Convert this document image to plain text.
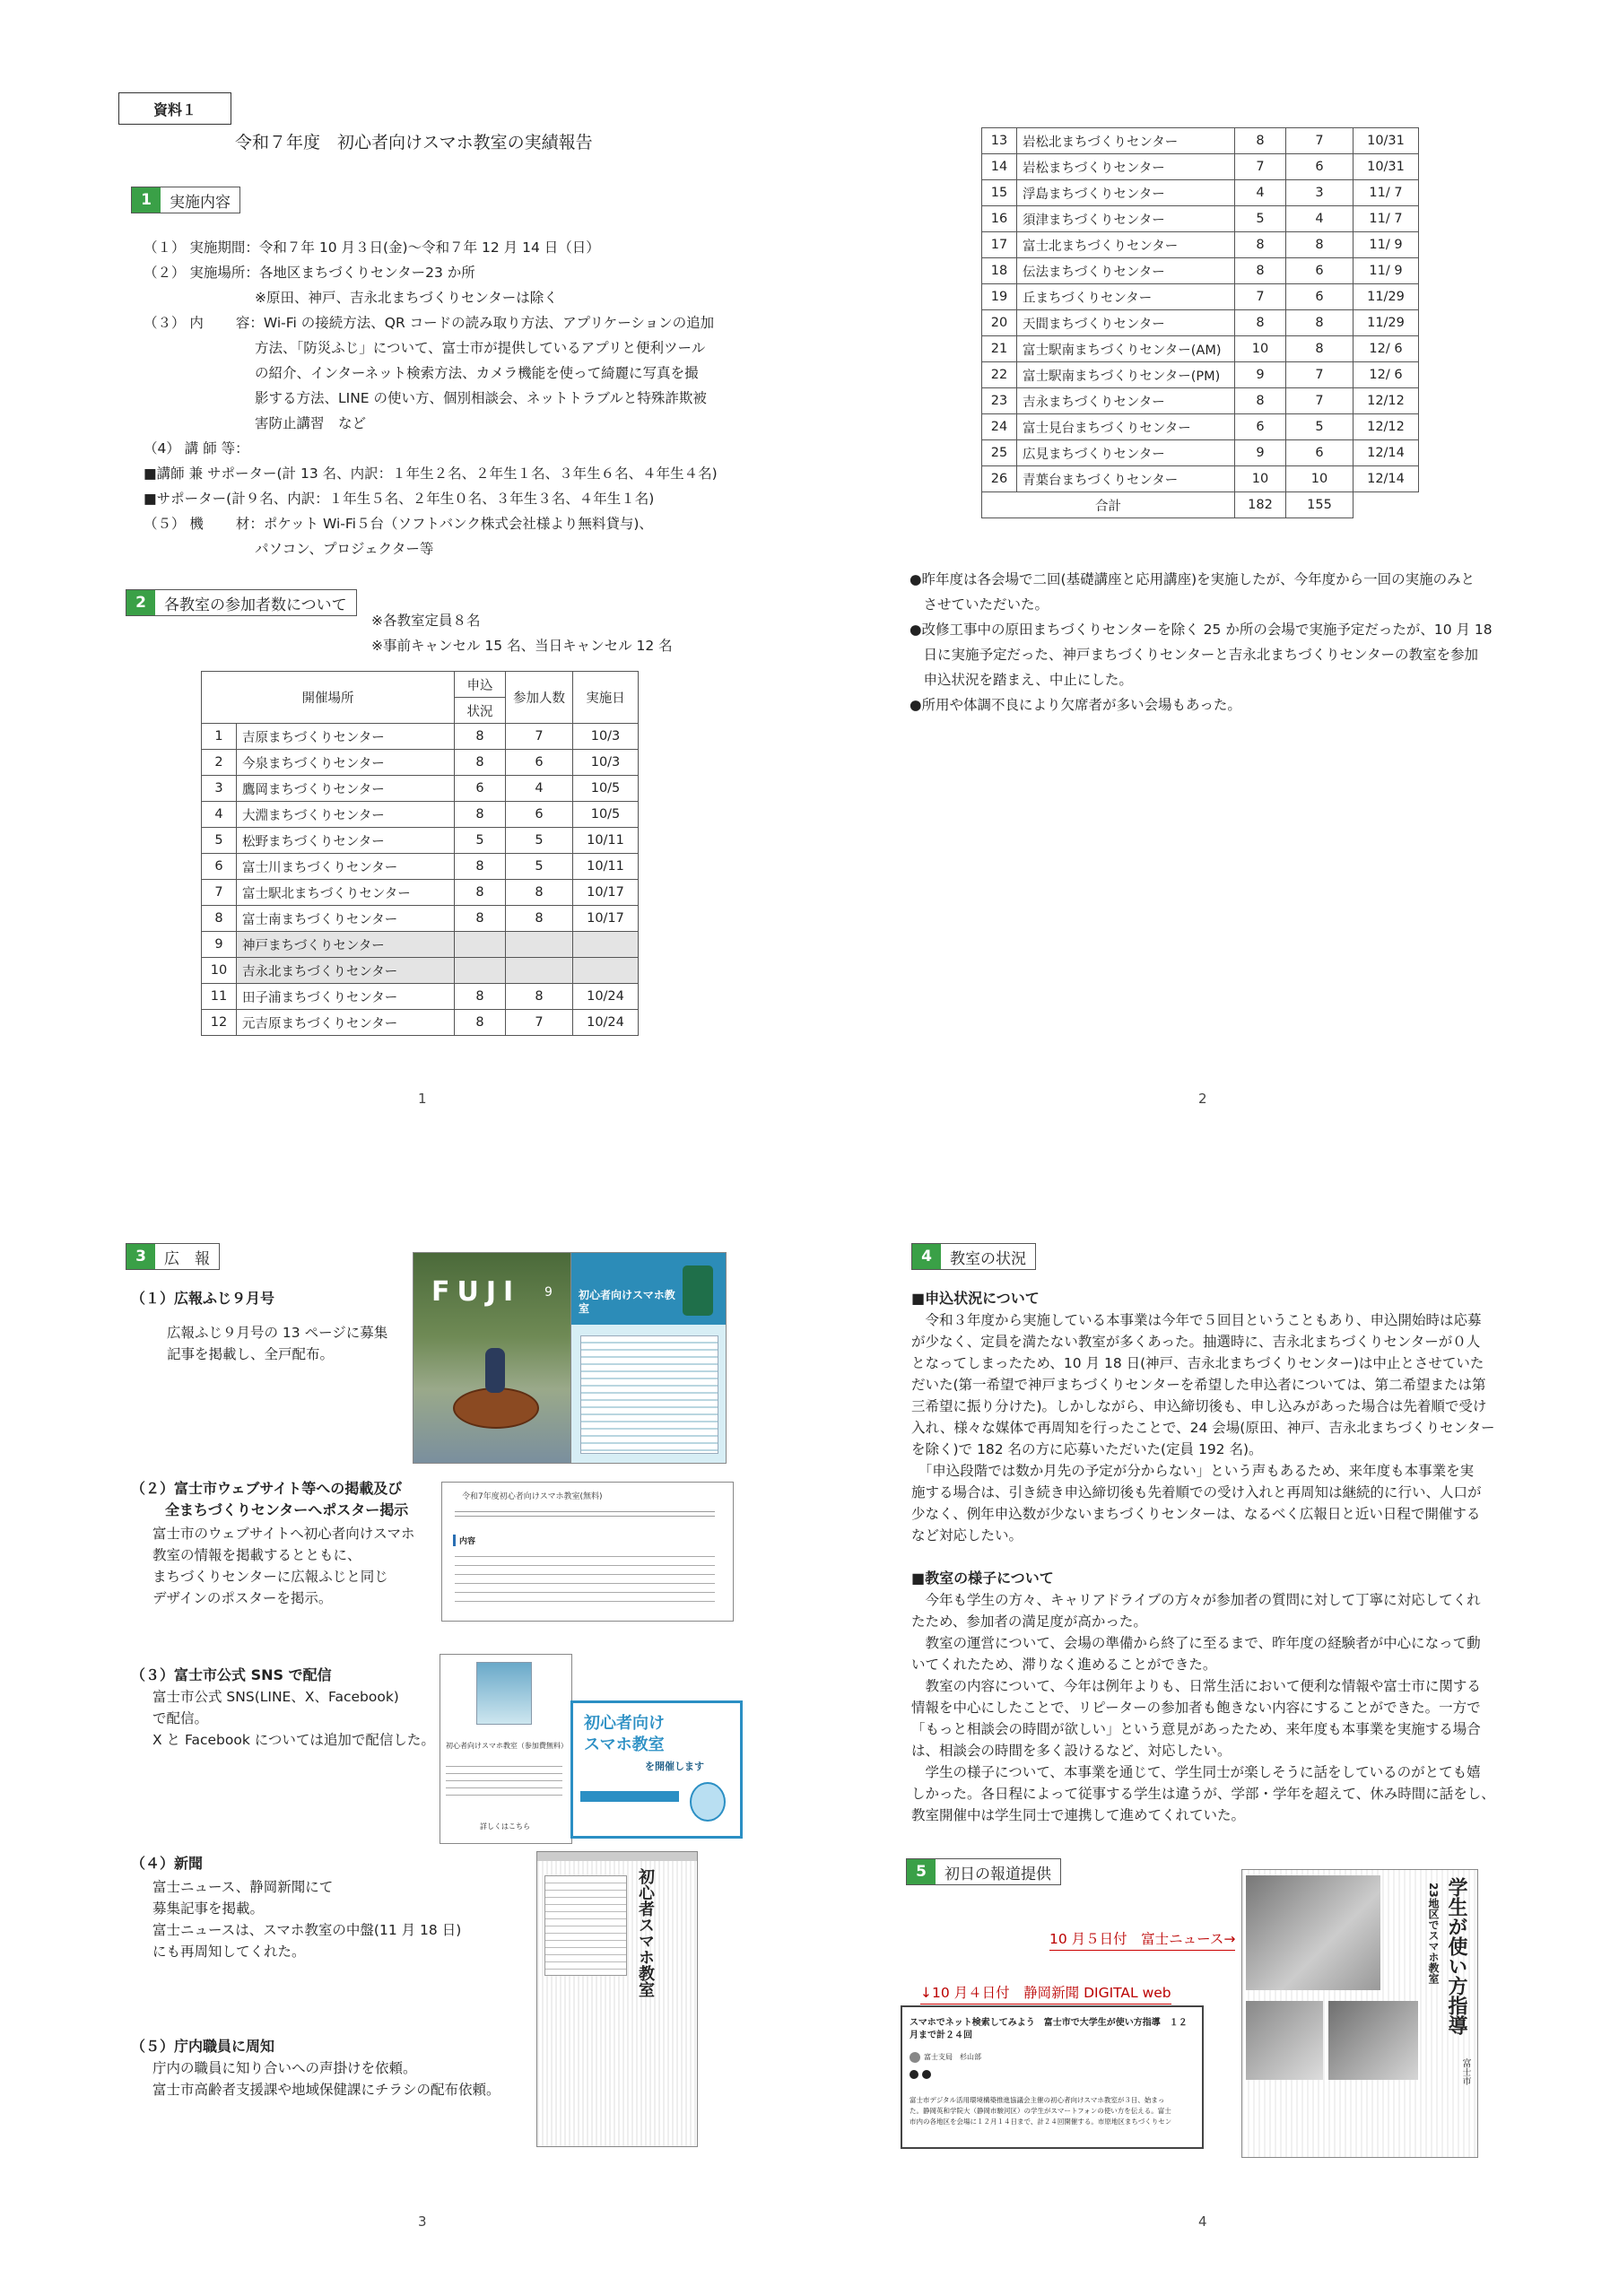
資料１
令和７年度　初心者向けスマホ教室の実績報告
1	実施内容
（１） 実施期間：令和７年 10 月３日(金)〜令和７年 12 月 14 日（日）
（２） 実施場所：各地区まちづくりセンター23 か所
　　　　　　　　※原田、神戸、吉永北まちづくりセンターは除く
（３） 内　　 容：Wi-Fi の接続方法、QR コードの読み取り方法、アプリケーションの追加
　　　　　　　　方法、「防災ふじ」について、富士市が提供しているアプリと便利ツール
　　　　　　　　の紹介、インターネット検索方法、カメラ機能を使って綺麗に写真を撮
　　　　　　　　影する方法、LINE の使い方、個別相談会、ネットトラブルと特殊詐欺被
　　　　　　　　害防止講習　など
（4） 講 師 等：
■講師 兼 サポーター(計 13 名、内訳：１年生２名、２年生１名、３年生６名、４年生４名)
■サポーター(計９名、内訳：１年生５名、２年生０名、３年生３名、４年生１名)
（５） 機　　 材：ポケット Wi-Fi５台（ソフトバンク株式会社様より無料貸与)、
　　　　　　　　パソコン、プロジェクター等
2	各教室の参加者数について
※各教室定員８名
※事前キャンセル 15 名、当日キャンセル 12 名
開催場所		申込	参加人数	実施日
		状況		
1	吉原まちづくりセンター	8	7	10/3
2	今泉まちづくりセンター	8	6	10/3
3	鷹岡まちづくりセンター	6	4	10/5
4	大淵まちづくりセンター	8	6	10/5
5	松野まちづくりセンター	5	5	10/11
6	富士川まちづくりセンター	8	5	10/11
7	富士駅北まちづくりセンター	8	8	10/17
8	富士南まちづくりセンター	8	8	10/17
9	神戸まちづくりセンター			
10	吉永北まちづくりセンター			
11	田子浦まちづくりセンター	8	8	10/24
12	元吉原まちづくりセンター	8	7	10/24
1
13	岩松北まちづくりセンター	8	7	10/31
14	岩松まちづくりセンター	7	6	10/31
15	浮島まちづくりセンター	4	3	11/ 7
16	須津まちづくりセンター	5	4	11/ 7
17	富士北まちづくりセンター	8	8	11/ 9
18	伝法まちづくりセンター	8	6	11/ 9
19	丘まちづくりセンター	7	6	11/29
20	天間まちづくりセンター	8	8	11/29
21	富士駅南まちづくりセンター(AM)	10	8	12/ 6
22	富士駅南まちづくりセンター(PM)	9	7	12/ 6
23	吉永まちづくりセンター	8	7	12/12
24	富士見台まちづくりセンター	6	5	12/12
25	広見まちづくりセンター	9	6	12/14
26	青葉台まちづくりセンター	10	10	12/14
合計		182	155	
●昨年度は各会場で二回(基礎講座と応用講座)を実施したが、今年度から一回の実施のみと
　させていただいた。
●改修工事中の原田まちづくりセンターを除く 25 か所の会場で実施予定だったが、10 月 18
　日に実施予定だった、神戸まちづくりセンターと吉永北まちづくりセンターの教室を参加
　申込状況を踏まえ、中止にした。
●所用や体調不良により欠席者が多い会場もあった。
2
3	広　報
（１）広報ふじ９月号
広報ふじ９月号の 13 ページに募集
記事を掲載し、全戸配布。
FUJI 9 初心者向けスマホ教室
（２）富士市ウェブサイト等への掲載及び
全まちづくりセンターへポスター掲示
富士市のウェブサイトへ初心者向けスマホ
教室の情報を掲載するとともに、
まちづくりセンターに広報ふじと同じ
デザインのポスターを掲示。
令和7年度初心者向けスマホ教室(無料)
内容
（３）富士市公式 SNS で配信
富士市公式 SNS(LINE、X、Facebook)
で配信。
X と Facebook については追加で配信した。 初心者向けスマホ教室（参加費無料）
詳しくはこちら
初心者向け
スマホ教室
を開催します
（４）新聞
富士ニュース、静岡新聞にて
募集記事を掲載。
富士ニュースは、スマホ教室の中盤(11 月 18 日)
にも再周知してくれた。	初心者スマホ教室
（５）庁内職員に周知
庁内の職員に知り合いへの声掛けを依頼。
富士市高齢者支援課や地域保健課にチラシの配布依頼。
3
4	教室の状況
■申込状況について
　令和３年度から実施している本事業は今年で５回目ということもあり、申込開始時は応募
が少なく、定員を満たない教室が多くあった。抽選時に、吉永北まちづくりセンターが０人
となってしまったため、10 月 18 日(神戸、吉永北まちづくりセンター)は中止とさせていた
だいた(第一希望で神戸まちづくりセンターを希望した申込者については、第二希望または第
三希望に振り分けた)。しかしながら、申込締切後も、申し込みがあった場合は先着順で受け
入れ、様々な媒体で再周知を行ったことで、24 会場(原田、神戸、吉永北まちづくりセンター
を除く)で 182 名の方に応募いただいた(定員 192 名)。
　「申込段階では数か月先の予定が分からない」という声もあるため、来年度も本事業を実
施する場合は、引き続き申込締切後も先着順での受け入れと再周知は継続的に行い、人口が
少なく、例年申込数が少ないまちづくりセンターは、なるべく広報日と近い日程で開催する
など対応したい。
■教室の様子について
　今年も学生の方々、キャリアドライブの方々が参加者の質問に対して丁寧に対応してくれ
たため、参加者の満足度が高かった。
　教室の運営について、会場の準備から終了に至るまで、昨年度の経験者が中心になって動
いてくれたため、滞りなく進めることができた。
　教室の内容について、今年は例年よりも、日常生活において便利な情報や富士市に関する
情報を中心にしたことで、リピーターの参加者も飽きない内容にすることができた。一方で
「もっと相談会の時間が欲しい」という意見があったため、来年度も本事業を実施する場合
は、相談会の時間を多く設けるなど、対応したい。
　学生の様子について、本事業を通じて、学生同士が楽しそうに話をしているのがとても嬉
しかった。各日程によって従事する学生は違うが、学部・学年を超えて、休み時間に話をし、
教室開催中は学生同士で連携して進めてくれていた。
5	初日の報道提供
10 月５日付　富士ニュース→
↓10 月４日付　静岡新聞 DIGITAL web
スマホでネット検索してみよう　富士市で大学生が使い方指導　１２
月まで計２４回
富士支局　杉山部
富士市デジタル活用環境構築推進協議会主催の初心者向けスマホ教室が３日、始まっ
た。静岡英和学院大（静岡市駿河区）の学生がスマートフォンの使い方を伝える。富士
市内の各地区を会場に１２月１４日まで、計２４回開催する。市原地区まちづくりセン
学生が使い方指導
23地区でスマホ教室
富士市
4
